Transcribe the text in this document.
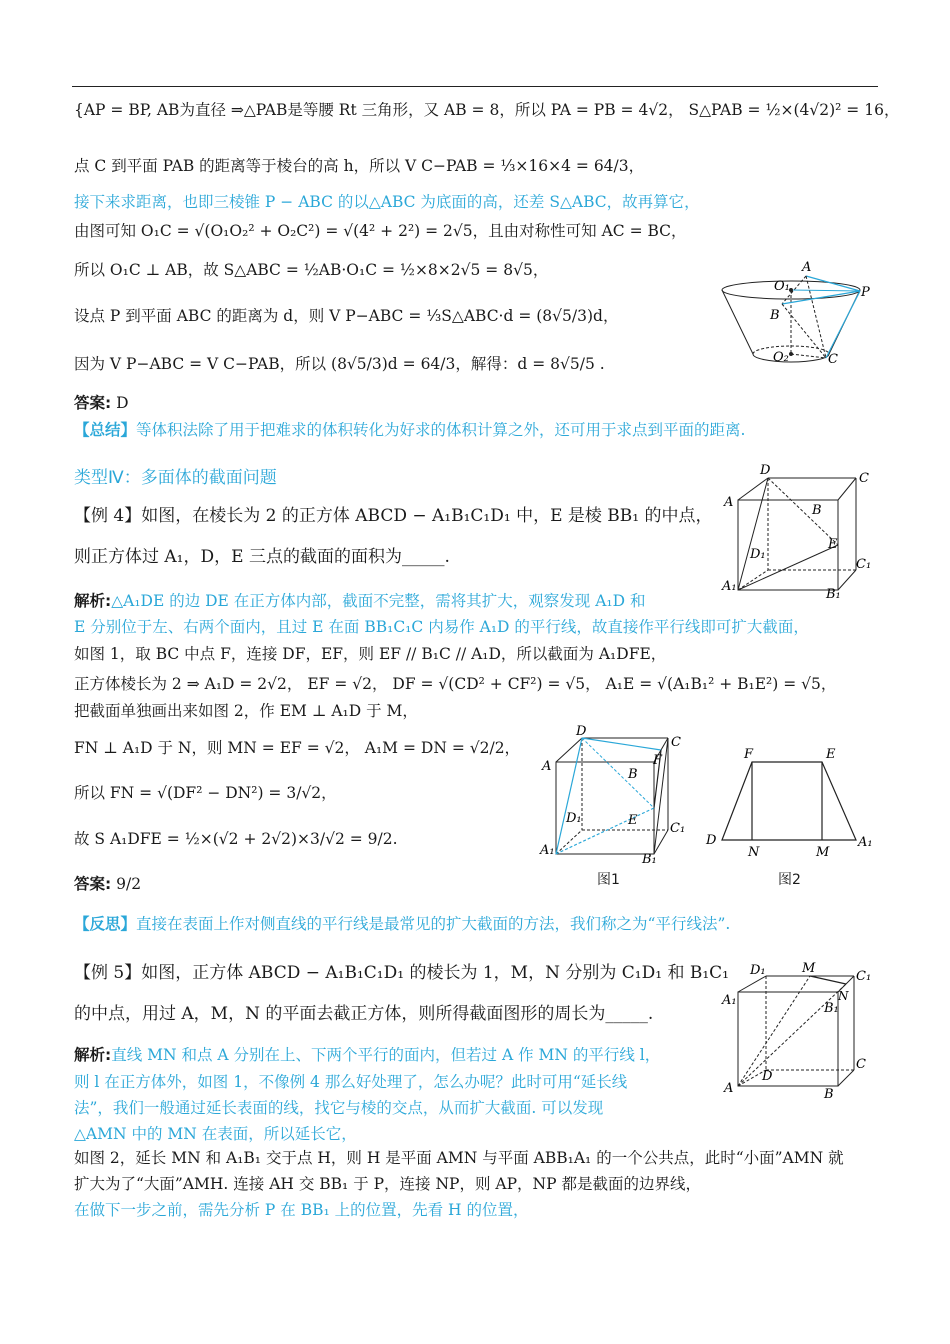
{AP = BP, AB为直径 ⇒△PAB是等腰 Rt 三角形，又 AB = 8，所以 PA = PB = 4√2， S△PAB = ½×(4√2)² = 16，
点 C 到平面 PAB 的距离等于棱台的高 h，所以 V C−PAB = ⅓×16×4 = 64/3，
接下来求距离，也即三棱锥 P − ABC 的以△ABC 为底面的高，还差 S△ABC，故再算它，
由图可知 O₁C = √(O₁O₂² + O₂C²) = √(4² + 2²) = 2√5，且由对称性可知 AC = BC，
所以 O₁C ⊥ AB，故 S△ABC = ½AB·O₁C = ½×8×2√5 = 8√5，
设点 P 到平面 ABC 的距离为 d，则 V P−ABC = ⅓S△ABC·d = (8√5/3)d，
因为 V P−ABC = V C−PAB，所以 (8√5/3)d = 64/3，解得：d = 8√5/5 .
答案: D
【总结】等体积法除了用于把难求的体积转化为好求的体积计算之外，还可用于求点到平面的距离.
A
O₁	P
B
O₂	C
类型Ⅳ：多面体的截面问题
【例 4】如图，在棱长为 2 的正方体 ABCD − A₁B₁C₁D₁ 中，E 是棱 BB₁ 的中点，
则正方体过 A₁，D，E 三点的截面的面积为_____.
D
C
A
B
D₁
E
C₁
A₁
B₁
解析:△A₁DE 的边 DE 在正方体内部，截面不完整，需将其扩大，观察发现 A₁D 和
E 分别位于左、右两个面内，且过 E 在面 BB₁C₁C 内易作 A₁D 的平行线，故直接作平行线即可扩大截面，
如图 1，取 BC 中点 F，连接 DF，EF，则 EF // B₁C // A₁D，所以截面为 A₁DFE，
正方体棱长为 2 ⇒ A₁D = 2√2， EF = √2， DF = √(CD² + CF²) = √5， A₁E = √(A₁B₁² + B₁E²) = √5，
把截面单独画出来如图 2，作 EM ⊥ A₁D 于 M，
FN ⊥ A₁D 于 N，则 MN = EF = √2， A₁M = DN = √2/2，
所以 FN = √(DF² − DN²) = 3/√2，
故 S A₁DFE = ½×(√2 + 2√2)×3/√2 = 9/2.
答案: 9/2
D
C
A
B
F
D₁	E
C₁
A₁
B₁
图1
F	E
D
N	M
A₁
图2
【反思】直接在表面上作对侧直线的平行线是最常见的扩大截面的方法，我们称之为“平行线法”.
【例 5】如图，正方体 ABCD − A₁B₁C₁D₁ 的棱长为 1，M，N 分别为 C₁D₁ 和 B₁C₁
的中点，用过 A，M，N 的平面去截正方体，则所得截面图形的周长为_____.
D₁	M
C₁
A₁	N
B₁
C
D
A	B
解析:直线 MN 和点 A 分别在上、下两个平行的面内，但若过 A 作 MN 的平行线 l，
则 l 在正方体外，如图 1，不像例 4 那么好处理了，怎么办呢？此时可用“延长线
法”，我们一般通过延长表面的线，找它与棱的交点，从而扩大截面. 可以发现
△AMN 中的 MN 在表面，所以延长它，
如图 2，延长 MN 和 A₁B₁ 交于点 H，则 H 是平面 AMN 与平面 ABB₁A₁ 的一个公共点，此时“小面”AMN 就
扩大为了“大面”AMH. 连接 AH 交 BB₁ 于 P，连接 NP，则 AP，NP 都是截面的边界线，
在做下一步之前，需先分析 P 在 BB₁ 上的位置，先看 H 的位置，
